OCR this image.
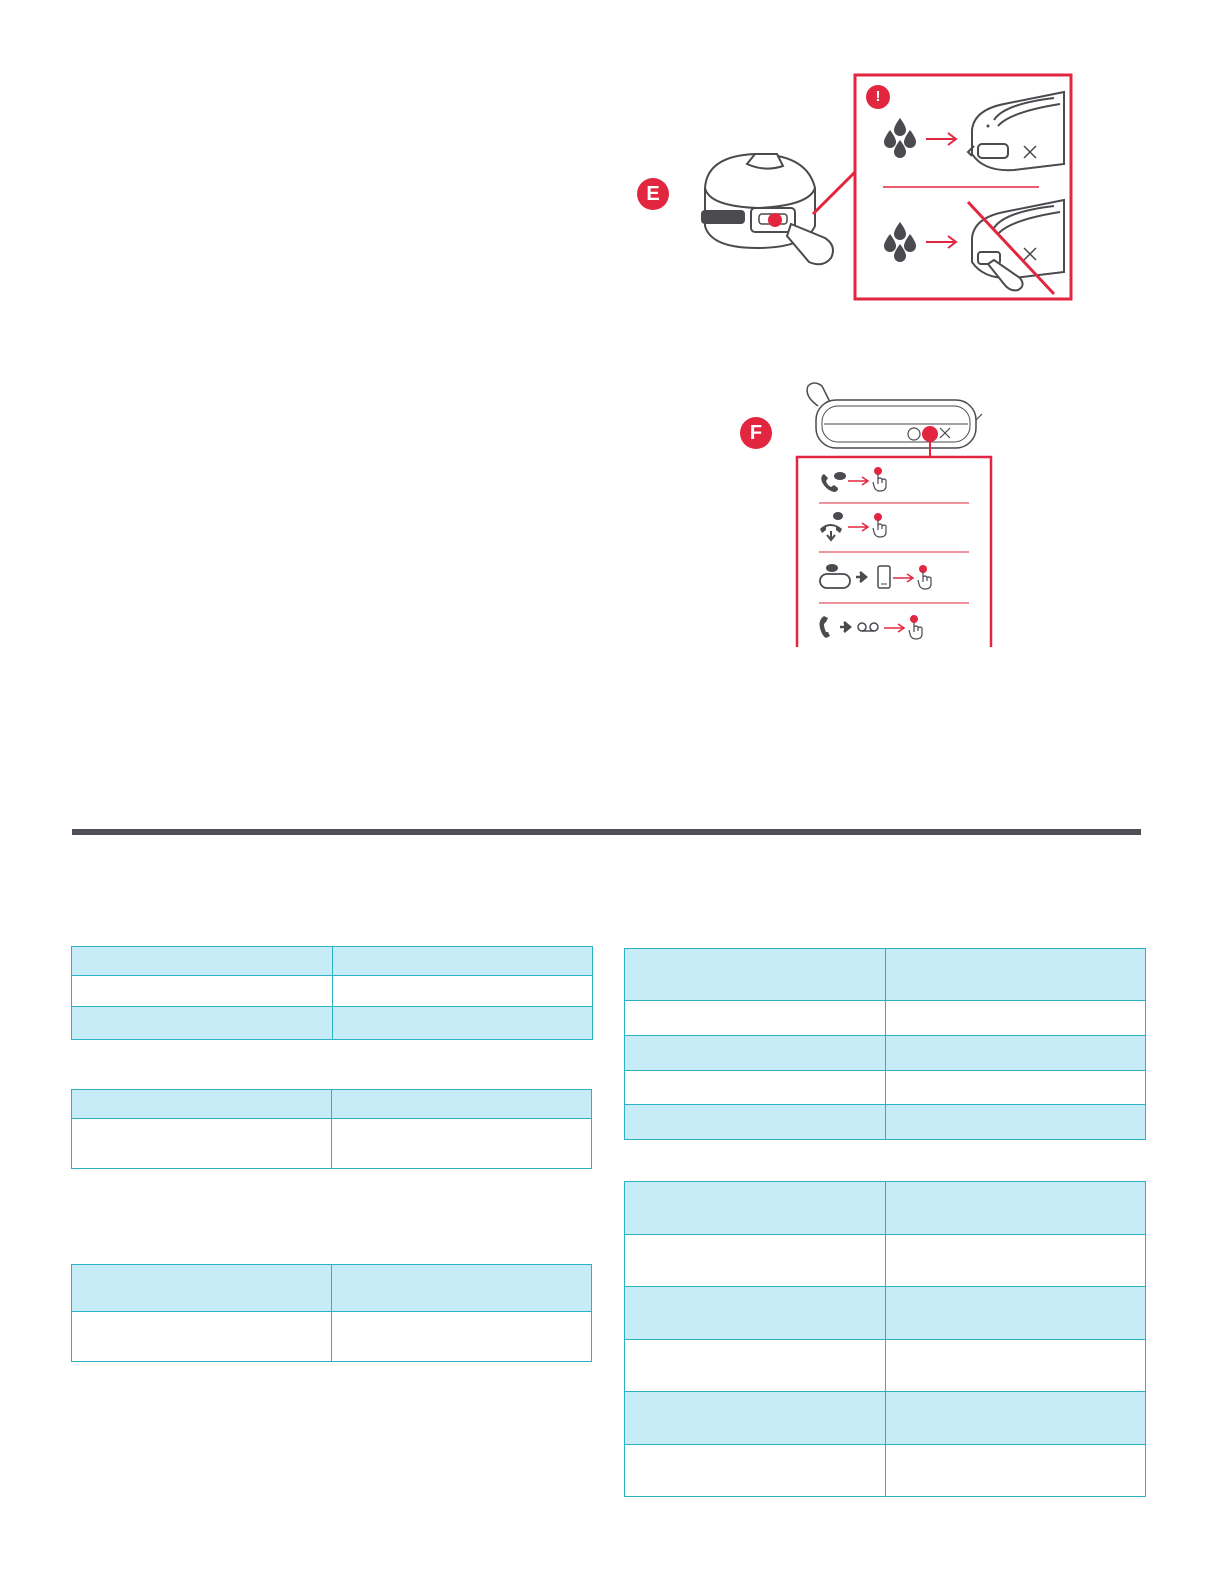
E
!
F
